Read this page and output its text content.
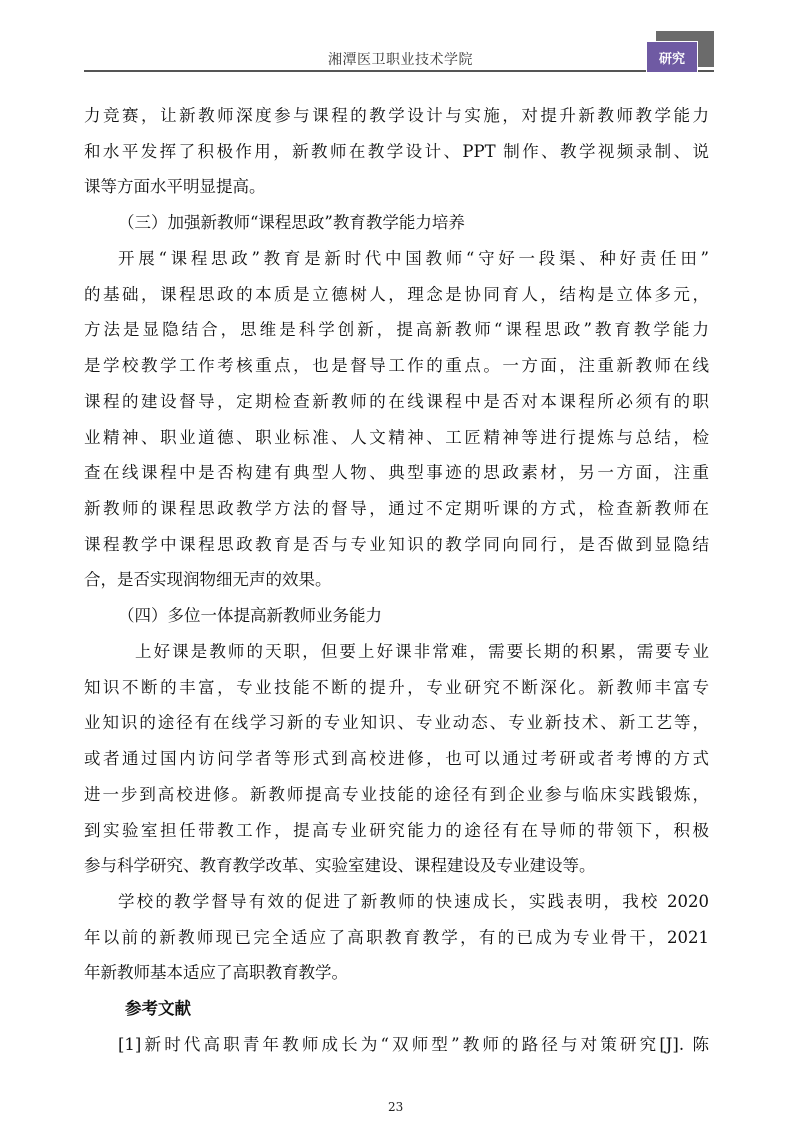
湘潭医卫职业技术学院	研究
力竞赛，让新教师深度参与课程的教学设计与实施，对提升新教师教学能力
和水平发挥了积极作用，新教师在教学设计、PPT 制作、教学视频录制、说
课等方面水平明显提高。
（三）加强新教师“课程思政”教育教学能力培养
开展“课程思政”教育是新时代中国教师“守好一段渠、种好责任田”
的基础，课程思政的本质是立德树人，理念是协同育人，结构是立体多元，
方法是显隐结合，思维是科学创新，提高新教师“课程思政”教育教学能力
是学校教学工作考核重点，也是督导工作的重点。一方面，注重新教师在线
课程的建设督导，定期检查新教师的在线课程中是否对本课程所必须有的职
业精神、职业道德、职业标准、人文精神、工匠精神等进行提炼与总结，检
查在线课程中是否构建有典型人物、典型事迹的思政素材，另一方面，注重
新教师的课程思政教学方法的督导，通过不定期听课的方式，检查新教师在
课程教学中课程思政教育是否与专业知识的教学同向同行，是否做到显隐结
合，是否实现润物细无声的效果。
（四）多位一体提高新教师业务能力
上好课是教师的天职，但要上好课非常难，需要长期的积累，需要专业
知识不断的丰富，专业技能不断的提升，专业研究不断深化。新教师丰富专
业知识的途径有在线学习新的专业知识、专业动态、专业新技术、新工艺等，
或者通过国内访问学者等形式到高校进修，也可以通过考研或者考博的方式
进一步到高校进修。新教师提高专业技能的途径有到企业参与临床实践锻炼，
到实验室担任带教工作，提高专业研究能力的途径有在导师的带领下，积极
参与科学研究、教育教学改革、实验室建设、课程建设及专业建设等。
学校的教学督导有效的促进了新教师的快速成长，实践表明，我校 2020
年以前的新教师现已完全适应了高职教育教学，有的已成为专业骨干，2021
年新教师基本适应了高职教育教学。
参考文献
[1]新时代高职青年教师成长为“双师型”教师的路径与对策研究[J]. 陈
23
